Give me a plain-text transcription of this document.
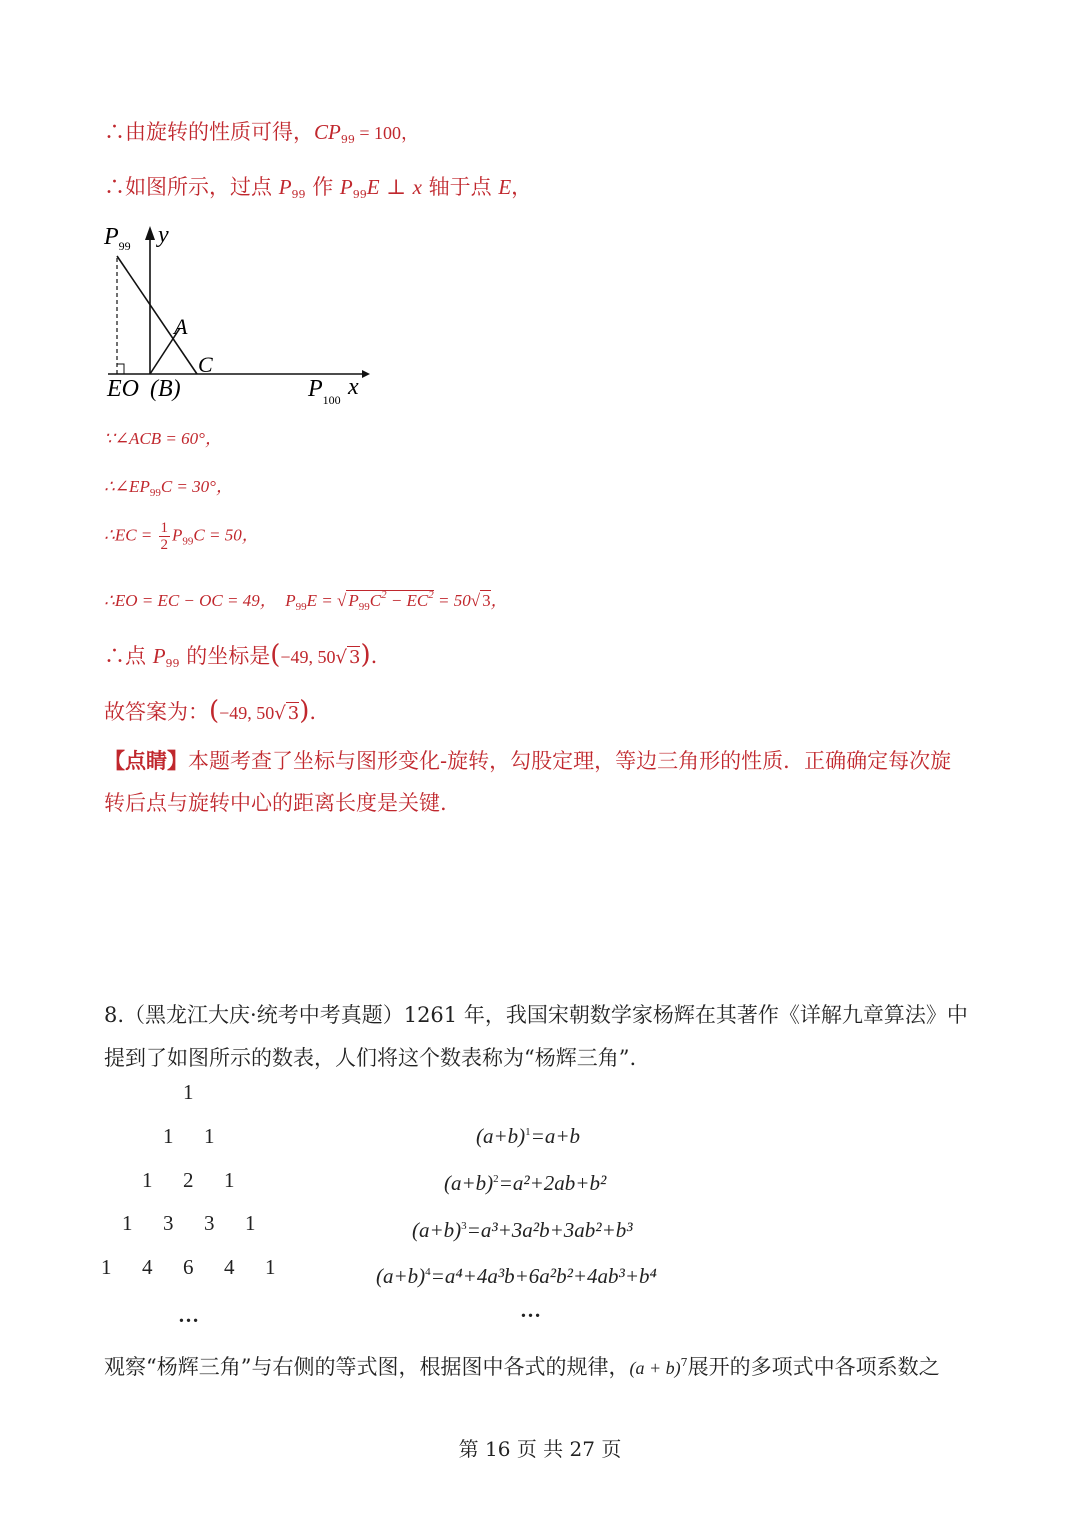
∴由旋转的性质可得，$CP_{99} = 100$，
∴如图所示，过点 $P_{99}$ 作 $P_{99}E$ ⊥ x 轴于点 E，
$P_{99}$ y
A
C
EO (B)	$P_{100}$ x
∵∠ACB = 60°，
$\therefore\angle EP_{99}C = 30^\circ$，
∴EC = $\frac{1}{2} P_{99}C = 50$，
∴EO = EC − OC = 49， $P_{99}E$ = √ $P_{99}C^2 - EC^2 = 50√$ 3，
∴点 $P_{99}$ 的坐标是(−49, 50√ 3).
故答案为：(−49, 50√ 3).
【点睛】本题考查了坐标与图形变化-旋转，勾股定理，等边三角形的性质．正确确定每次旋
转后点与旋转中心的距离长度是关键.
8.（黑龙江大庆·统考中考真题）1261 年，我国宋朝数学家杨辉在其著作《详解九章算法》中
提到了如图所示的数表，人们将这个数表称为“杨辉三角”.
1
1 1
1 2 1
1 3 3 1
1 4 6 4 1
…
$(a+b)^1=a+b$
$(a+b)^2=a^2+2ab+b^2$
$(a+b)^3=a^3+3a^2b+3ab^2+b^3$
$(a+b)^4=a^4+4a^3b+6a^2b^2+4ab^3+b^4$
…
观察“杨辉三角”与右侧的等式图，根据图中各式的规律，$(a + b)^7$展开的多项式中各项系数之
第 16 页 共 27 页
